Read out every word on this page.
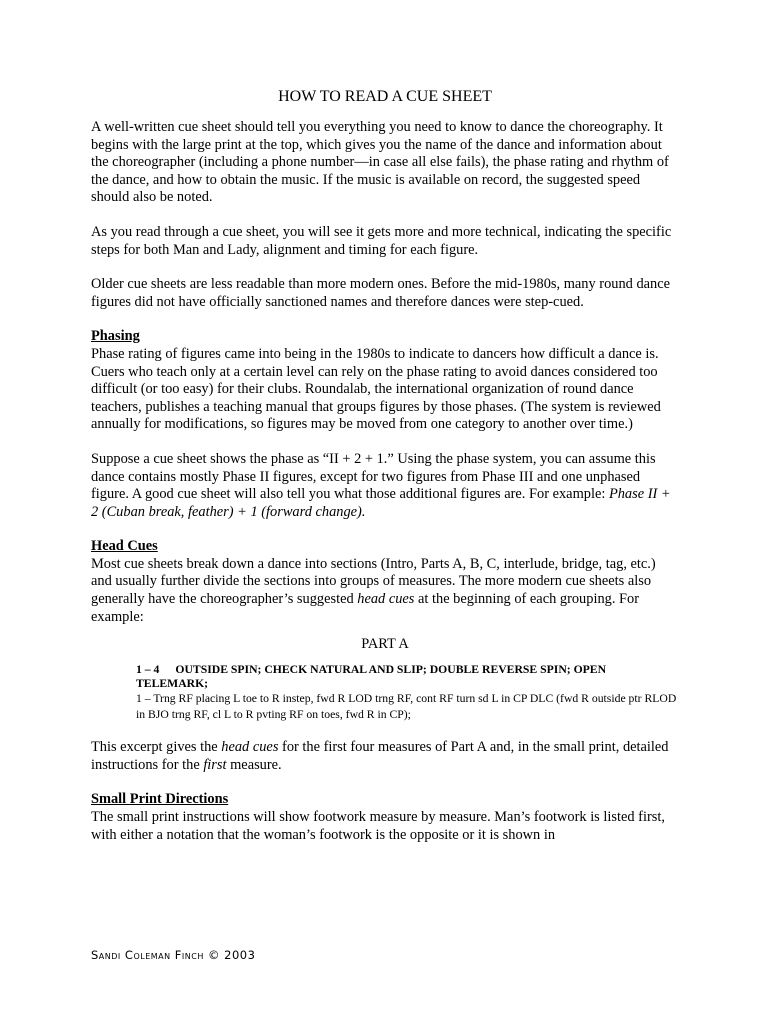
HOW TO READ A CUE SHEET

A well-written cue sheet should tell you everything you need to know to dance the choreography. It begins with the large print at the top, which gives you the name of the dance and information about the choreographer (including a phone number—in case all else fails), the phase rating and rhythm of the dance, and how to obtain the music. If the music is available on record, the suggested speed should also be noted.

As you read through a cue sheet, you will see it gets more and more technical, indicating the specific steps for both Man and Lady, alignment and timing for each figure.

Older cue sheets are less readable than more modern ones. Before the mid-1980s, many round dance figures did not have officially sanctioned names and therefore dances were step-cued.

Phasing

Phase rating of figures came into being in the 1980s to indicate to dancers how difficult a dance is. Cuers who teach only at a certain level can rely on the phase rating to avoid dances considered too difficult (or too easy) for their clubs. Roundalab, the international organization of round dance teachers, publishes a teaching manual that groups figures by those phases. (The system is reviewed annually for modifications, so figures may be moved from one category to another over time.)

Suppose a cue sheet shows the phase as “II + 2 + 1.” Using the phase system, you can assume this dance contains mostly Phase II figures, except for two figures from Phase III and one unphased figure. A good cue sheet will also tell you what those additional figures are. For example: Phase II + 2 (Cuban break, feather) + 1 (forward change).

Head Cues

Most cue sheets break down a dance into sections (Intro, Parts A, B, C, interlude, bridge, tag, etc.) and usually further divide the sections into groups of measures. The more modern cue sheets also generally have the choreographer’s suggested head cues at the beginning of each grouping. For example:

PART A
1 – 4 OUTSIDE SPIN; CHECK NATURAL AND SLIP; DOUBLE REVERSE SPIN; OPEN TELEMARK;
1 – Trng RF placing L toe to R instep, fwd R LOD trng RF, cont RF turn sd L in CP DLC (fwd R outside ptr RLOD in BJO trng RF, cl L to R pvting RF on toes, fwd R in CP);

This excerpt gives the head cues for the first four measures of Part A and, in the small print, detailed instructions for the first measure.

Small Print Directions

The small print instructions will show footwork measure by measure. Man’s footwork is listed first, with either a notation that the woman’s footwork is the opposite or it is shown in

Sandi Coleman Finch © 2003
